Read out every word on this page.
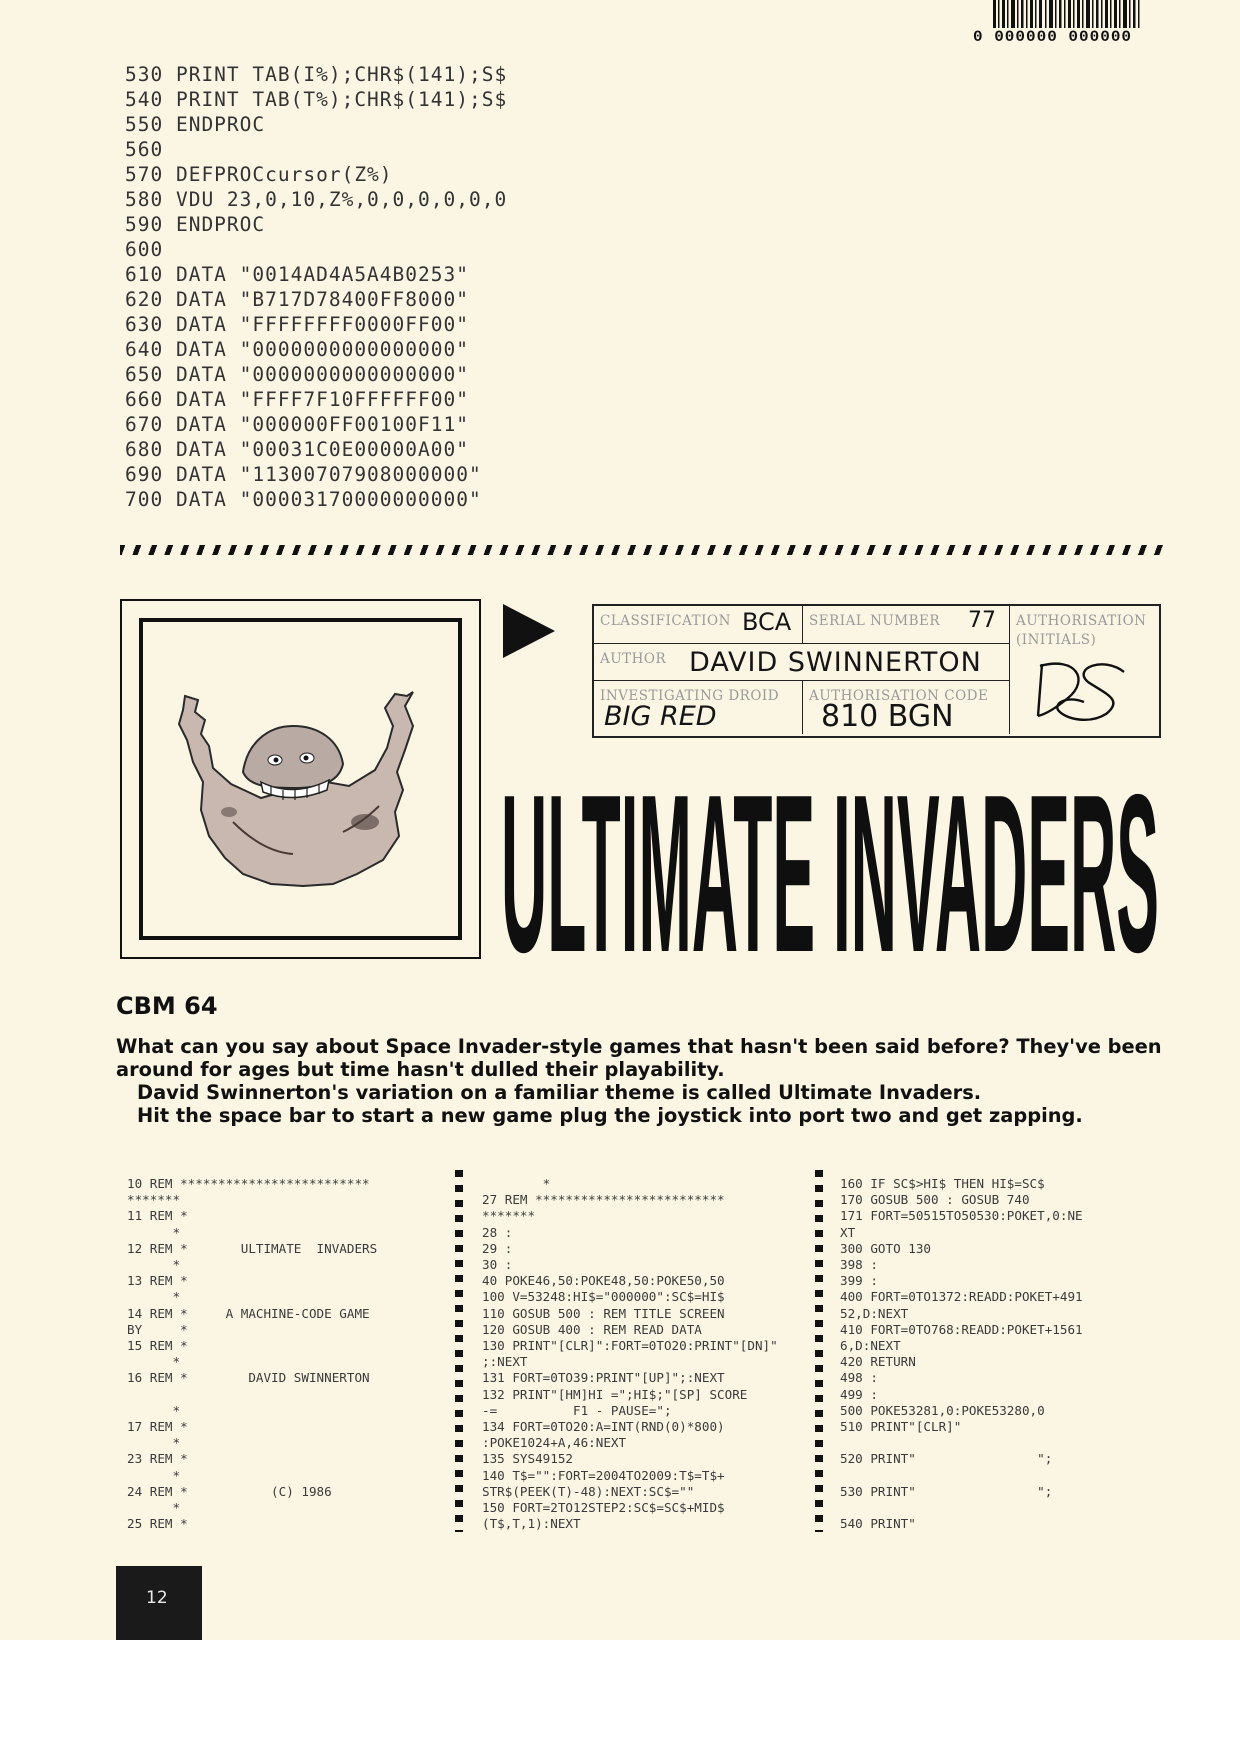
0 000000 000000
530 PRINT TAB(I%);CHR$(141);S$
540 PRINT TAB(T%);CHR$(141);S$
550 ENDPROC
560
570 DEFPROCcursor(Z%)
580 VDU 23,0,10,Z%,0,0,0,0,0,0
590 ENDPROC
600
610 DATA "0014AD4A5A4B0253"
620 DATA "B717D78400FF8000"
630 DATA "FFFFFFFF0000FF00"
640 DATA "0000000000000000"
650 DATA "0000000000000000"
660 DATA "FFFF7F10FFFFFF00"
670 DATA "000000FF00100F11"
680 DATA "00031C0E00000A00"
690 DATA "11300707908000000"
700 DATA "00003170000000000"
CLASSIFICATION BCA SERIAL NUMBER 77 AUTHORISATION
(INITIALS)
AUTHOR DAVID SWINNERTON
INVESTIGATING DROID
BIG RED
AUTHORISATION CODE
810 BGN
ULTIMATE INVADERS
CBM 64

What can you say about Space Invader-style games that hasn't been said before? They've been around for ages but time hasn't dulled their playability.

David Swinnerton's variation on a familiar theme is called Ultimate Invaders.

Hit the space bar to start a new game plug the joystick into port two and get zapping.

10 REM *************************
*******
11 REM *
*
12 REM *       ULTIMATE  INVADERS
*
13 REM *
*
14 REM *     A MACHINE-CODE GAME
BY     *
15 REM *
*
16 REM *        DAVID SWINNERTON

*
17 REM *
*
23 REM *
*
24 REM *           (C) 1986
*
25 REM *
*
27 REM *************************
*******
28 :
29 :
30 :
40 POKE46,50:POKE48,50:POKE50,50
100 V=53248:HI$="000000":SC$=HI$
110 GOSUB 500 : REM TITLE SCREEN
120 GOSUB 400 : REM READ DATA
130 PRINT"[CLR]":FORT=0TO20:PRINT"[DN]"
;:NEXT
131 FORT=0TO39:PRINT"[UP]";:NEXT
132 PRINT"[HM]HI =";HI$;"[SP] SCORE
-=          F1 - PAUSE=";
134 FORT=0TO20:A=INT(RND(0)*800)
:POKE1024+A,46:NEXT
135 SYS49152
140 T$="":FORT=2004TO2009:T$=T$+
STR$(PEEK(T)-48):NEXT:SC$=""
150 FORT=2TO12STEP2:SC$=SC$+MID$
(T$,T,1):NEXT
160 IF SC$>HI$ THEN HI$=SC$
170 GOSUB 500 : GOSUB 740
171 FORT=50515TO50530:POKET,0:NE
XT
300 GOTO 130
398 :
399 :
400 FORT=0TO1372:READD:POKET+491
52,D:NEXT
410 FORT=0TO768:READD:POKET+1561
6,D:NEXT
420 RETURN
498 :
499 :
500 POKE53281,0:POKE53280,0
510 PRINT"[CLR]"

520 PRINT"                ";

530 PRINT"                ";

540 PRINT"
12
